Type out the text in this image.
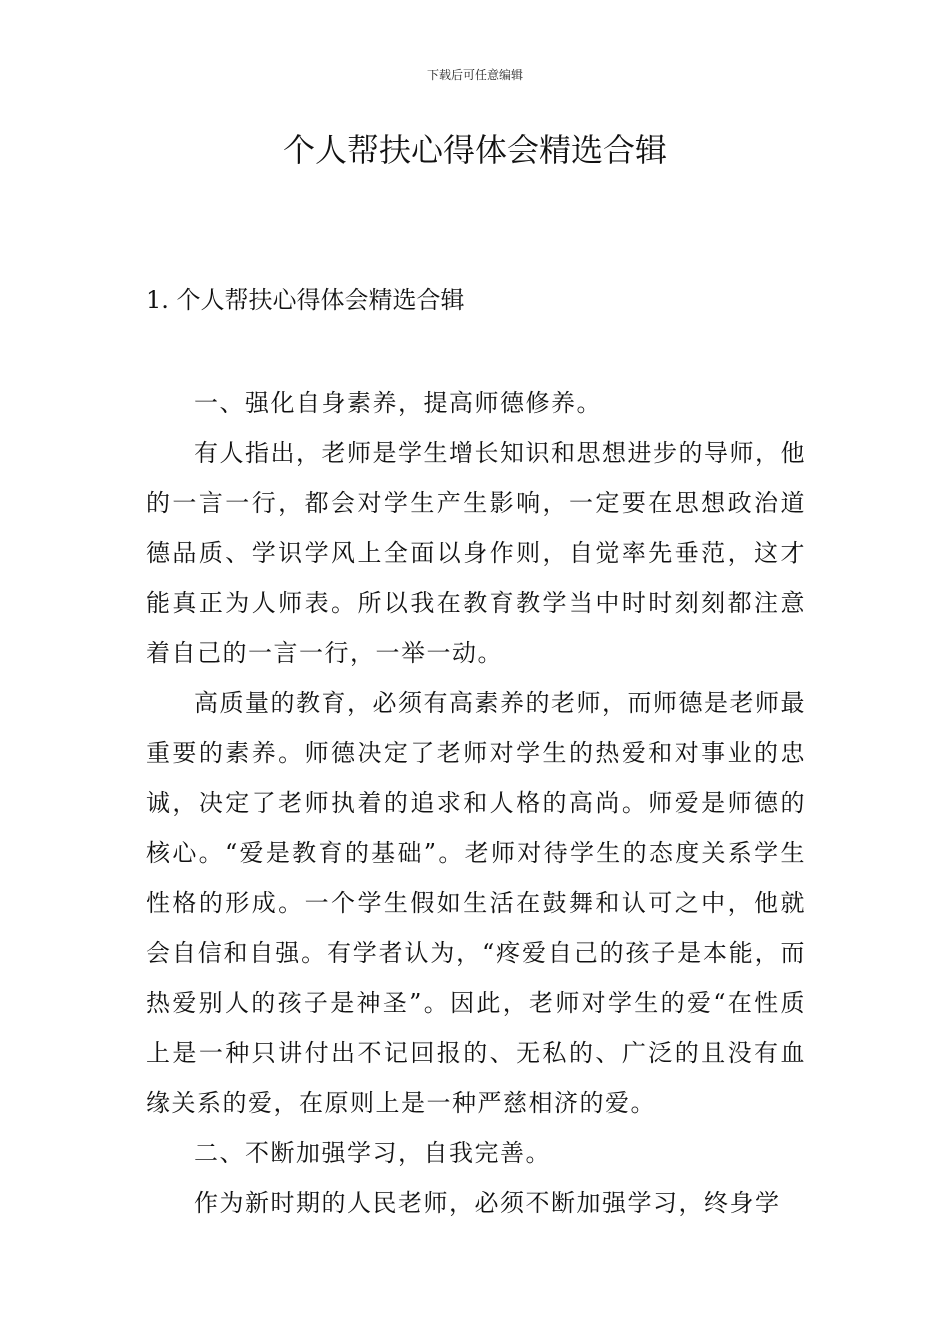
下载后可任意编辑
个人帮扶心得体会精选合辑
1. 个人帮扶心得体会精选合辑

一、强化自身素养，提高师德修养。

有人指出，老师是学生增长知识和思想进步的导师，他的一言一行，都会对学生产生影响，一定要在思想政治道德品质、学识学风上全面以身作则，自觉率先垂范，这才能真正为人师表。所以我在教育教学当中时时刻刻都注意着自己的一言一行，一举一动。

高质量的教育，必须有高素养的老师，而师德是老师最重要的素养。师德决定了老师对学生的热爱和对事业的忠诚，决定了老师执着的追求和人格的高尚。师爱是师德的核心。“爱是教育的基础”。老师对待学生的态度关系学生性格的形成。一个学生假如生活在鼓舞和认可之中，他就会自信和自强。有学者认为，“疼爱自己的孩子是本能，而热爱别人的孩子是神圣”。因此，老师对学生的爱“在性质上是一种只讲付出不记回报的、无私的、广泛的且没有血缘关系的爱，在原则上是一种严慈相济的爱。

二、不断加强学习，自我完善。

作为新时期的人民老师，必须不断加强学习，终身学
